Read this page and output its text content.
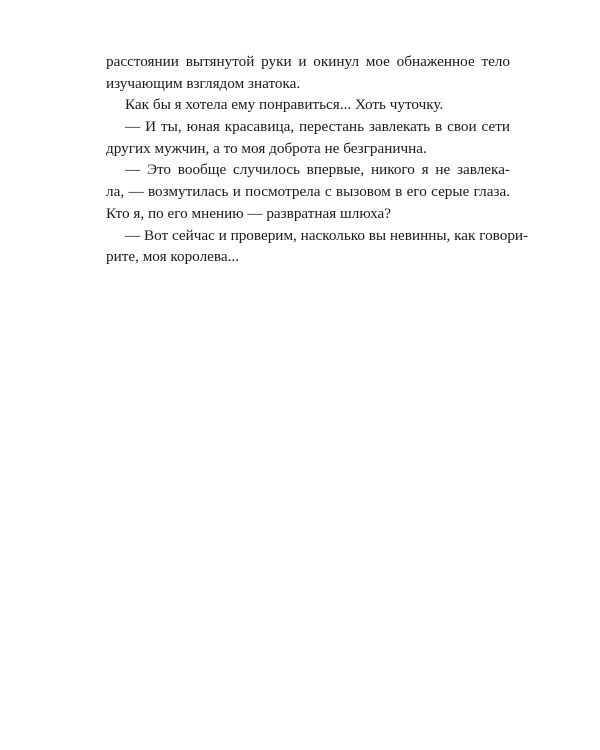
расстоянии вытянутой руки и окинул мое обнаженное тело
изучающим взглядом знатока.
Как бы я хотела ему понравиться... Хоть чуточку.
— И ты, юная красавица, перестань завлекать в свои сети
других мужчин, а то моя доброта не безгранична.
— Это вообще случилось впервые, никого я не завлека-
ла, — возмутилась и посмотрела с вызовом в его серые глаза.
Кто я, по его мнению — развратная шлюха?
— Вот сейчас и проверим, насколько вы невинны, как говори-
рите, моя королева...
